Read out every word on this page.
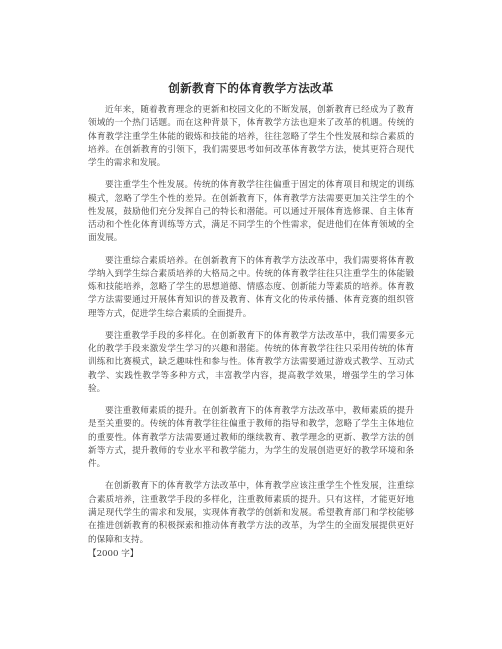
创新教育下的体育教学方法改革

近年来，随着教育理念的更新和校园文化的不断发展，创新教育已经成为了教育领域的一个热门话题。而在这种背景下，体育教学方法也迎来了改革的机遇。传统的体育教学注重学生体能的锻炼和技能的培养，往往忽略了学生个性发展和综合素质的培养。在创新教育的引领下，我们需要思考如何改革体育教学方法，使其更符合现代学生的需求和发展。

要注重学生个性发展。传统的体育教学往往偏重于固定的体育项目和规定的训练模式，忽略了学生个性的差异。在创新教育下，体育教学方法需要更加关注学生的个性发展，鼓励他们充分发挥自己的特长和潜能。可以通过开展体育选修课、自主体育活动和个性化体育训练等方式，满足不同学生的个性需求，促进他们在体育领域的全面发展。

要注重综合素质培养。在创新教育下的体育教学方法改革中，我们需要将体育教学纳入到学生综合素质培养的大格局之中。传统的体育教学往往只注重学生的体能锻炼和技能培养，忽略了学生的思想道德、情感态度、创新能力等素质的培养。体育教学方法需要通过开展体育知识的普及教育、体育文化的传承传播、体育竞赛的组织管理等方式，促进学生综合素质的全面提升。

要注重教学手段的多样化。在创新教育下的体育教学方法改革中，我们需要多元化的教学手段来激发学生学习的兴趣和潜能。传统的体育教学往往只采用传统的体育训练和比赛模式，缺乏趣味性和参与性。体育教学方法需要通过游戏式教学、互动式教学、实践性教学等多种方式，丰富教学内容，提高教学效果，增强学生的学习体验。

要注重教师素质的提升。在创新教育下的体育教学方法改革中，教师素质的提升是至关重要的。传统的体育教学往往偏重于教师的指导和教学，忽略了学生主体地位的重要性。体育教学方法需要通过教师的继续教育、教学理念的更新、教学方法的创新等方式，提升教师的专业水平和教学能力，为学生的发展创造更好的教学环境和条件。

在创新教育下的体育教学方法改革中，体育教学应该注重学生个性发展，注重综合素质培养，注重教学手段的多样化，注重教师素质的提升。只有这样，才能更好地满足现代学生的需求和发展，实现体育教学的创新和发展。希望教育部门和学校能够在推进创新教育的积极探索和推动体育教学方法的改革，为学生的全面发展提供更好的保障和支持。

【2000 字】
